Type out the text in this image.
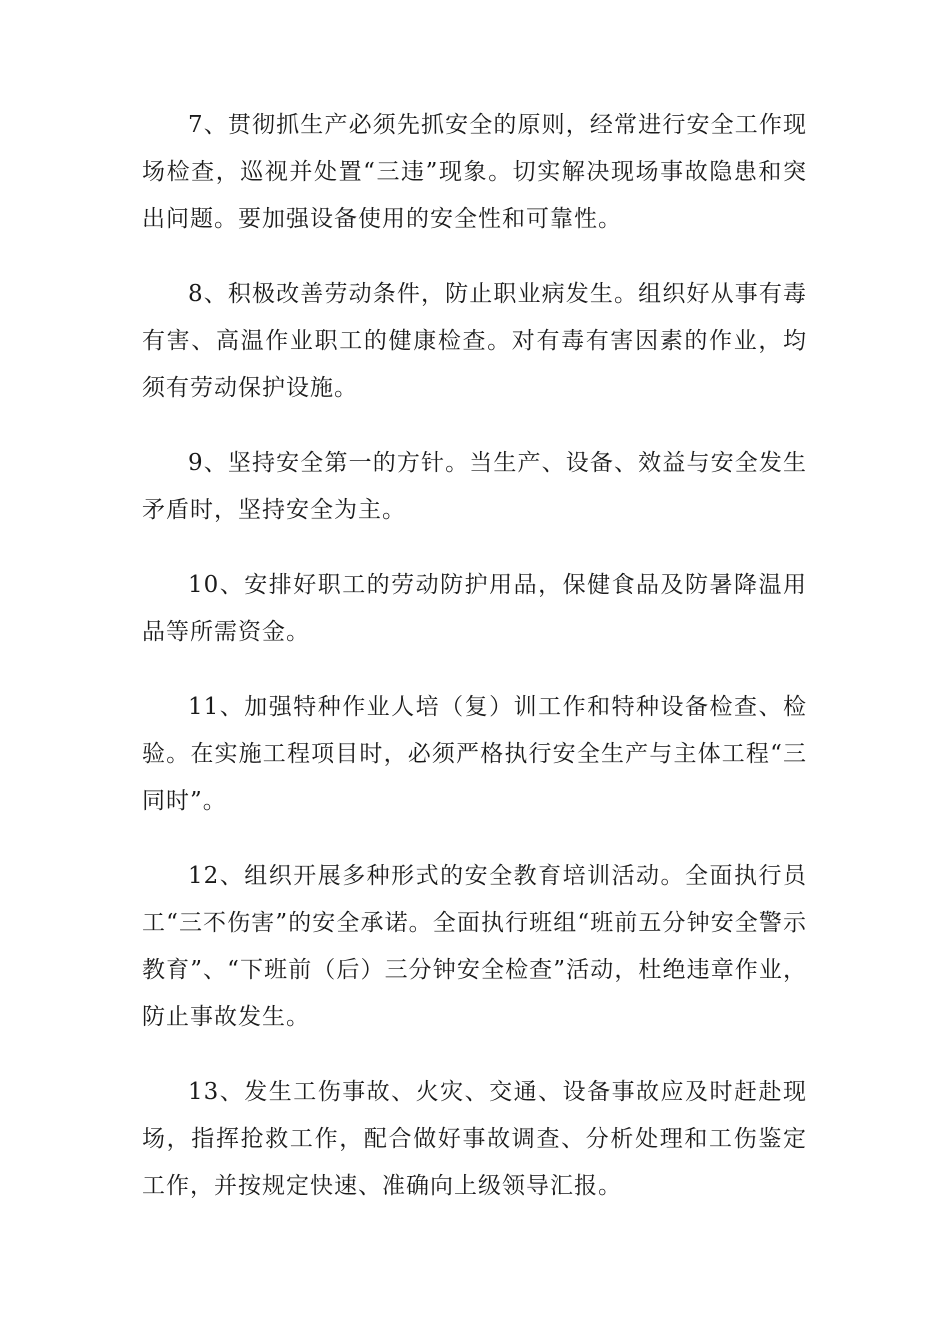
7、贯彻抓生产必须先抓安全的原则，经常进行安全工作现场检查，巡视并处置“三违”现象。切实解决现场事故隐患和突出问题。要加强设备使用的安全性和可靠性。

8、积极改善劳动条件，防止职业病发生。组织好从事有毒有害、高温作业职工的健康检查。对有毒有害因素的作业，均须有劳动保护设施。

9、坚持安全第一的方针。当生产、设备、效益与安全发生矛盾时，坚持安全为主。

10、安排好职工的劳动防护用品，保健食品及防暑降温用品等所需资金。

11、加强特种作业人培（复）训工作和特种设备检查、检验。在实施工程项目时，必须严格执行安全生产与主体工程“三同时”。

12、组织开展多种形式的安全教育培训活动。全面执行员工“三不伤害”的安全承诺。全面执行班组“班前五分钟安全警示教育”、“下班前（后）三分钟安全检查”活动，杜绝违章作业，防止事故发生。

13、发生工伤事故、火灾、交通、设备事故应及时赶赴现场，指挥抢救工作，配合做好事故调查、分析处理和工伤鉴定工作，并按规定快速、准确向上级领导汇报。
